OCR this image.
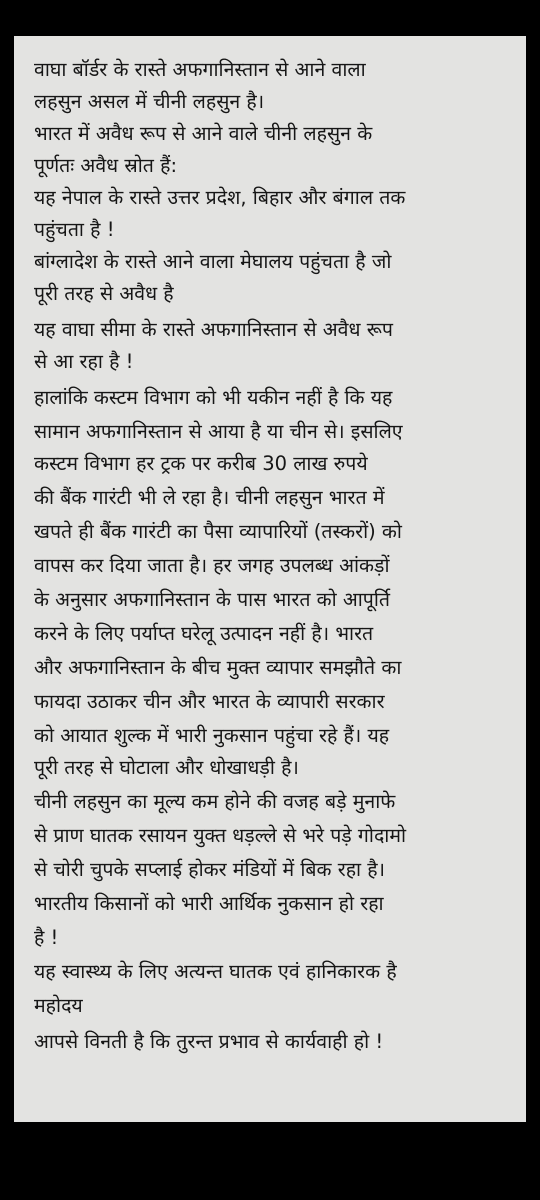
वाघा बॉर्डर के रास्ते अफगानिस्तान से आने वाला
लहसुन असल में चीनी लहसुन है।
भारत में अवैध रूप से आने वाले चीनी लहसुन के
पूर्णतः अवैध स्रोत हैं:
यह नेपाल के रास्ते उत्तर प्रदेश, बिहार और बंगाल तक
पहुंचता है !
बांग्लादेश के रास्ते आने वाला मेघालय पहुंचता है जो
पूरी तरह से अवैध है
यह वाघा सीमा के रास्ते अफगानिस्तान से अवैध रूप
से आ रहा है !
हालांकि कस्टम विभाग को भी यकीन नहीं है कि यह
सामान अफगानिस्तान से आया है या चीन से। इसलिए
कस्टम विभाग हर ट्रक पर करीब 30 लाख रुपये
की बैंक गारंटी भी ले रहा है। चीनी लहसुन भारत में
खपते ही बैंक गारंटी का पैसा व्यापारियों (तस्करों) को
वापस कर दिया जाता है। हर जगह उपलब्ध आंकड़ों
के अनुसार अफगानिस्तान के पास भारत को आपूर्ति
करने के लिए पर्याप्त घरेलू उत्पादन नहीं है। भारत
और अफगानिस्तान के बीच मुक्त व्यापार समझौते का
फायदा उठाकर चीन और भारत के व्यापारी सरकार
को आयात शुल्क में भारी नुकसान पहुंचा रहे हैं। यह
पूरी तरह से घोटाला और धोखाधड़ी है।
चीनी लहसुन का मूल्य कम होने की वजह बड़े मुनाफे
से प्राण घातक रसायन युक्त धड़ल्ले से भरे पड़े गोदामो
से चोरी चुपके सप्लाई होकर मंडियों में बिक रहा है।
भारतीय किसानों को भारी आर्थिक नुकसान हो रहा
है !
यह स्वास्थ्य के लिए अत्यन्त घातक एवं हानिकारक है
महोदय
आपसे विनती है कि तुरन्त प्रभाव से कार्यवाही हो !
